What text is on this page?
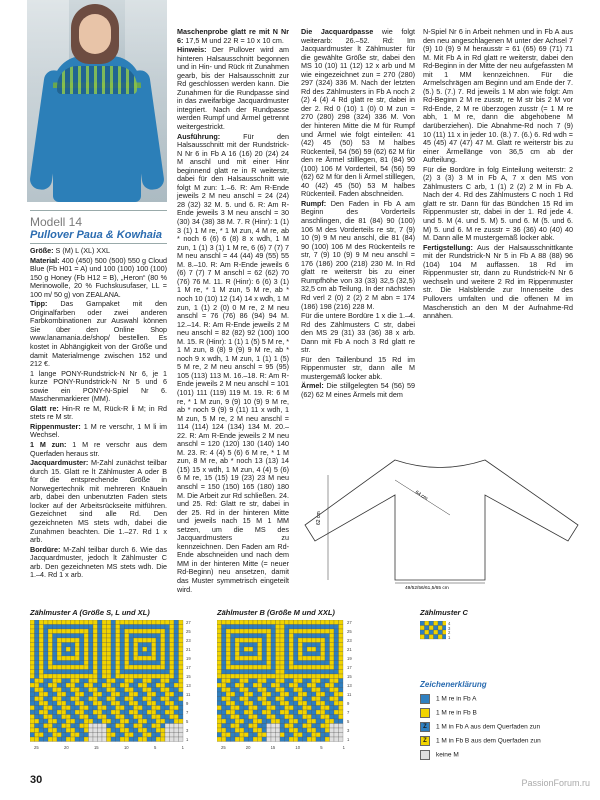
Modell 14
Pullover Paua & Kowhaia

Größe: S (M) L (XL) XXL

Material: 400 (450) 500 (500) 550 g Cloud Blue (Fb H01 = A) und 100 (100) 100 (100) 150 g Honey (Fb H12 = B), „Heron“ (80 % Merinowolle, 20 % Fuchskusufaser, LL = 100 m/ 50 g) von ZEALANA.

Tipp: Das Garnpaket mit den Originalfarben oder zwei anderen Farbkombinationen zur Auswahl können Sie über den Online Shop www.lanamania.de/shop/ bestellen. Es kostet in Abhängigkeit von der Größe und damit Materialmenge zwischen 152 und 212 €.

1 lange PONY-Rundstrick-N Nr 6, je 1 kurze PONY-Rundstrick-N Nr 5 und 6 sowie ein PONY-N-Spiel Nr 6. Maschenmarkierer (MM).

Glatt re: Hin-R re M, Rück-R li M; in Rd stets re M str.

Rippenmuster: 1 M re verschr, 1 M li im Wechsel.

1 M zun: 1 M re verschr aus dem Querfaden heraus str.

Jacquardmuster: M-Zahl zunächst teilbar durch 15. Glatt re lt Zählmuster A oder B für die entsprechende Größe in Norwegertechnik mit mehreren Knäueln arb, dabei den unbenutzten Faden stets locker auf der Arbeitsrückseite mitführen. Gezeichnet sind alle Rd. Den gezeichneten MS stets wdh, dabei die Zunahmen beachten. Die 1.–27. Rd 1 x arb.

Bordüre: M-Zahl teilbar durch 6. Wie das Jacquardmuster, jedoch lt Zählmuster C arb. Den gezeichneten MS stets wdh. Die 1.–4. Rd 1 x arb.

Maschenprobe glatt re mit N Nr 6: 17,5 M und 22 R = 10 x 10 cm.

Hinweis: Der Pullover wird am hinteren Halsausschnitt begonnen und in Hin- und Rück rit Zunahmen gearb, bis der Halsausschnitt zur Rd geschlossen werden kann. Die Zunahmen für die Rundpasse sind in das zweifarbige Jacquardmuster integriert. Nach der Rundpasse werden Rumpf und Ärmel getrennt weitergestrickt.

Ausführung: Für den Halsausschnitt mit der Rundstrick-N Nr 6 in Fb A 16 (16) 20 (24) 24 M anschl und mit einer Hinr beginnend glatt re in R weiterstr, dabei für den Halsausschnitt wie folgt M zun: 1.–6. R: Am R-Ende jeweils 2 M neu anschl = 24 (24) 28 (32) 32 M. 5. und 6. R: Am R-Ende jeweils 3 M neu anschl = 30 (30) 34 (38) 38 M. 7. R (Hinr): 1 (1) 3 (1) 1 M re, * 1 M zun, 4 M re, ab * noch 6 (6) 6 (8) 8 x wdh, 1 M zun, 1 (1) 3 (1) 1 M re, 6 (6) 7 (7) 7 M neu anschl = 44 (44) 49 (55) 55 M. 8.–10. R: Am R-Ende jeweils 6 (6) 7 (7) 7 M anschl = 62 (62) 70 (76) 76 M. 11. R (Hinr): 6 (6) 3 (1) 1 M re, * 1 M zun, 5 M re, ab * noch 10 (10) 12 (14) 14 x wdh, 1 M zun, 1 (1) 2 (0) 0 M re, 2 M neu anschl = 76 (76) 86 (94) 94 M. 12.–14. R: Am R-Ende jeweils 2 M neu anschl = 82 (82) 92 (100) 100 M. 15. R (Hinr): 1 (1) 1 (5) 5 M re, * 1 M zun, 8 (8) 9 (9) 9 M re, ab * noch 9 x wdh, 1 M zun, 1 (1) 1 (5) 5 M re, 2 M neu anschl = 95 (95) 105 (113) 113 M. 16.–18. R: Am R-Ende jeweils 2 M neu anschl = 101 (101) 111 (119) 119 M. 19. R: 6 M re, * 1 M zun, 9 (9) 10 (9) 9 M re, ab * noch 9 (9) 9 (11) 11 x wdh, 1 M zun, 5 M re, 2 M neu anschl = 114 (114) 124 (134) 134 M. 20.–22. R: Am R-Ende jeweils 2 M neu anschl = 120 (120) 130 (140) 140 M. 23. R: 4 (4) 5 (6) 6 M re, * 1 M zun, 8 M re, ab * noch 13 (13) 14 (15) 15 x wdh, 1 M zun, 4 (4) 5 (6) 6 M re, 15 (15) 19 (23) 23 M neu anschl = 150 (150) 165 (180) 180 M. Die Arbeit zur Rd schließen. 24. und 25. Rd: Glatt re str, dabei in der 25. Rd in der hinteren Mitte und jeweils nach 15 M 1 MM setzen, um die MS des Jacquardmusters zu kennzeichnen. Den Faden am Rd-Ende abschneiden und nach dem MM in der hinteren Mitte (= neuer Rd-Beginn) neu ansetzen, damit das Muster symmetrisch eingeteilt wird.

Die Jacquardpasse wie folgt weiterarb: 26.–52. Rd: Im Jacquardmuster lt Zählmuster für die gewählte Größe str, dabei den MS 10 (10) 11 (12) 12 x arb und M wie eingezeichnet zun = 270 (280) 297 (324) 336 M. Nach der letzten Rd des Zählmusters in Fb A noch 2 (2) 4 (4) 4 Rd glatt re str, dabei in der 2. Rd 0 (10) 1 (0) 0 M zun = 270 (280) 298 (324) 336 M. Von der hinteren Mitte die M für Rumpf und Ärmel wie folgt einteilen: 41 (42) 45 (50) 53 M halbes Rückenteil, 54 (56) 59 (62) 62 M für den re Ärmel stilllegen, 81 (84) 90 (100) 106 M Vorderteil, 54 (56) 59 (62) 62 M für den li Ärmel stilllegen, 40 (42) 45 (50) 53 M halbes Rückenteil. Faden abschneiden.

Rumpf: Den Faden in Fb A am Beginn des Vorderteils anschlingen, die 81 (84) 90 (100) 106 M des Vorderteils re str, 7 (9) 10 (9) 9 M neu anschl, die 81 (84) 90 (100) 106 M des Rückenteils re str, 7 (9) 10 (9) 9 M neu anschl = 176 (186) 200 (218) 230 M. In Rd glatt re weiterstr bis zu einer Rumpfhöhe von 33 (33) 32,5 (32,5) 32,5 cm ab Teilung. In der nächsten Rd verl 2 (0) 2 (2) 2 M abn = 174 (186) 198 (216) 228 M.

Für die untere Bordüre 1 x die 1.–4. Rd des Zählmusters C str, dabei den MS 29 (31) 33 (36) 38 x arb. Dann mit Fb A noch 3 Rd glatt re str.

Für den Taillenbund 15 Rd im Rippenmuster str, dann alle M mustergemäß locker abk.

Ärmel: Die stillgelegten 54 (56) 59 (62) 62 M eines Ärmels mit dem

N-Spiel Nr 6 in Arbeit nehmen und in Fb A aus den neu angeschlagenen M unter der Achsel 7 (9) 10 (9) 9 M herausstr = 61 (65) 69 (71) 71 M. Mit Fb A in Rd glatt re weiterstr, dabei den Rd-Beginn in der Mitte der neu aufgefassten M mit 1 MM kennzeichnen. Für die Armelschrägen am Beginn und am Ende der 7. (5.) 5. (7.) 7. Rd jeweils 1 M abn wie folgt: Am Rd-Beginn 2 M re zusstr, re M str bis 2 M vor Rd-Ende, 2 M re überzogen zusstr (= 1 M re abh, 1 M re, dann die abgehobene M darüberziehen). Die Abnahme-Rd noch 7 (9) 10 (11) 11 x in jeder 10. (8.) 7. (6.) 6. Rd wdh = 45 (45) 47 (47) 47 M. Glatt re weiterstr bis zu einer Ärmellänge von 36,5 cm ab der Aufteilung.

Für die Bordüre in folg Einteilung weiterstr: 2 (2) 3 (3) 3 M in Fb A, 7 x den MS von Zählmusters C arb, 1 (1) 2 (2) 2 M in Fb A. Nach der 4. Rd des Zählmusters C noch 1 Rd glatt re str. Dann für das Bündchen 15 Rd im Rippenmuster str, dabei in der 1. Rd jede 4. und 5. M (4. und 5. M) 5. und 6. M (5. und 6. M) 5. und 6. M re zusstr = 36 (36) 40 (40) 40 M. Dann alle M mustergemäß locker abk.

Fertigstellung: Aus der Halsausschnittkante mit der Rundstrick-N Nr 5 in Fb A 88 (88) 96 (104) 104 M auffassen. 18 Rd im Rippenmuster str, dann zu Rundstrick-N Nr 6 wechseln und weitere 2 Rd im Rippenmuster str. Die Halsblende zur Innenseite des Pullovers umfalten und die offenen M im Maschenstich an den M der Aufnahme-Rd annähen.

62 cm
64 cm
49/52/56/61,5/65 cm
Zählmuster A (Größe S, L und XL)
27
25
23
21
19
17
15
13
11
9
7
5
3
1
Zählmuster B (Größe M und XXL)
27
25
23
21
19
17
15
13
11
9
7
5
3
1
Zählmuster C
4
3
2
1
25	20	15	10	5	1	25	20	15	10	5	1
Zeichenerklärung
1 M re in Fb A
1 M re in Fb B
Z 1 M in Fb A aus dem Querfaden zun
Z 1 M in Fb B aus dem Querfaden zun
keine M
30	PassionForum.ru
